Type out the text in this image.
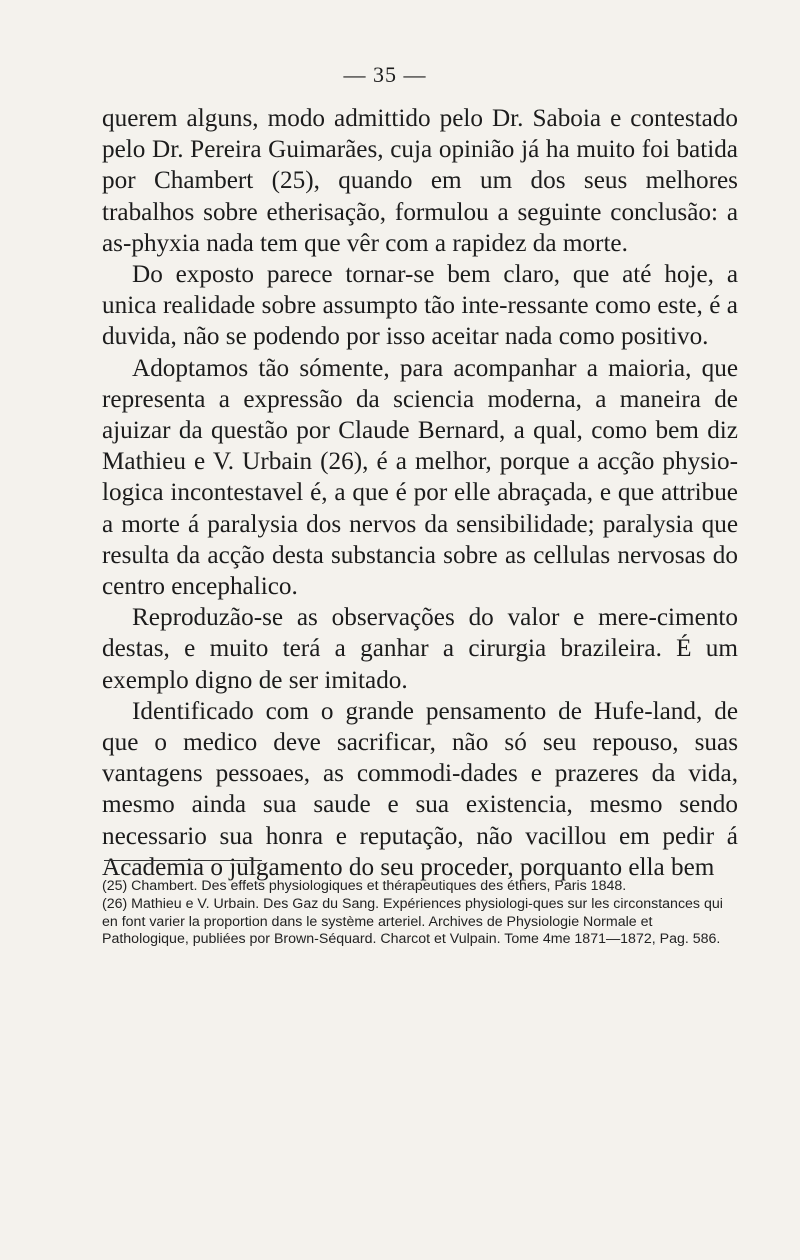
— 35 —

querem alguns, modo admittido pelo Dr. Saboia e contestado pelo Dr. Pereira Guimarães, cuja opinião já ha muito foi batida por Chambert (25), quando em um dos seus melhores trabalhos sobre etherisação, formulou a seguinte conclusão: a as-phyxia nada tem que vêr com a rapidez da morte.

Do exposto parece tornar-se bem claro, que até hoje, a unica realidade sobre assumpto tão inte-ressante como este, é a duvida, não se podendo por isso aceitar nada como positivo.

Adoptamos tão sómente, para acompanhar a maioria, que representa a expressão da sciencia moderna, a maneira de ajuizar da questão por Claude Bernard, a qual, como bem diz Mathieu e V. Urbain (26), é a melhor, porque a acção physio-logica incontestavel é, a que é por elle abraçada, e que attribue a morte á paralysia dos nervos da sensibilidade; paralysia que resulta da acção desta substancia sobre as cellulas nervosas do centro encephalico.

Reproduzão-se as observações do valor e mere-cimento destas, e muito terá a ganhar a cirurgia brazileira. É um exemplo digno de ser imitado.

Identificado com o grande pensamento de Hufe-land, de que o medico deve sacrificar, não só seu repouso, suas vantagens pessoaes, as commodi-dades e prazeres da vida, mesmo ainda sua saude e sua existencia, mesmo sendo necessario sua honra e reputação, não vacillou em pedir á Academia o julgamento do seu proceder, porquanto ella bem

(25) Chambert. Des effets physiologiques et thérapeutiques des éthers, Paris 1848.

(26) Mathieu e V. Urbain. Des Gaz du Sang. Expériences physiologi-ques sur les circonstances qui en font varier la proportion dans le système arteriel. Archives de Physiologie Normale et Pathologique, publiées por Brown-Séquard. Charcot et Vulpain. Tome 4me 1871—1872, Pag. 586.
